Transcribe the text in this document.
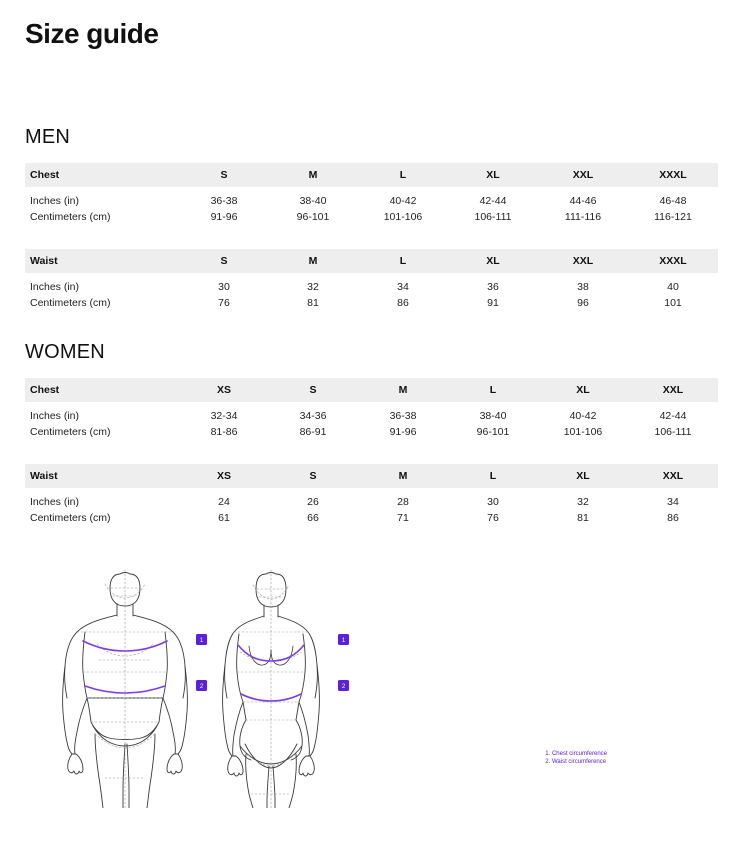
Size guide
MEN
Chest	S	M	L	XL	XXL	XXXL
Inches (in)	36-38	38-40	40-42	42-44	44-46	46-48
Centimeters (cm)	91-96	96-101	101-106	106-111	111-116	116-121
Waist	S	M	L	XL	XXL	XXXL
Inches (in)	30	32	34	36	38	40
Centimeters (cm)	76	81	86	91	96	101
WOMEN
Chest	XS	S	M	L	XL	XXL
Inches (in)	32-34	34-36	36-38	38-40	40-42	42-44
Centimeters (cm)	81-86	86-91	91-96	96-101	101-106	106-111
Waist	XS	S	M	L	XL	XXL
Inches (in)	24	26	28	30	32	34
Centimeters (cm)	61	66	71	76	81	86
1
2
1
2
1. Chest circumference
2. Waist circumference
